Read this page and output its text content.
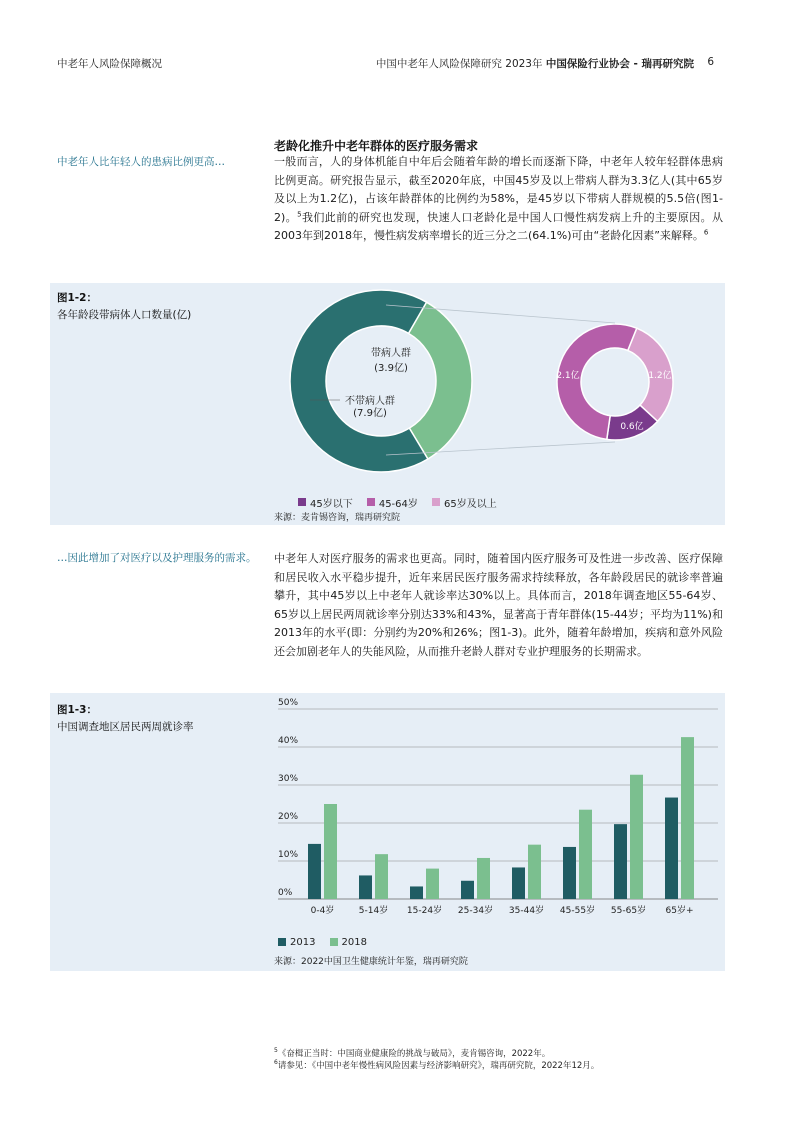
中老年人风险保障概况	中国中老年人风险保障研究 2023年 中国保险行业协会 - 瑞再研究院 6
中老年人比年轻人的患病比例更高…
老龄化推升中老年群体的医疗服务需求
一般而言，人的身体机能自中年后会随着年龄的增长而逐渐下降，中老年人较年轻群体患病比例更高。研究报告显示，截至2020年底，中国45岁及以上带病人群为3.3亿人(其中65岁及以上为1.2亿)，占该年龄群体的比例约为58%，是45岁以下带病人群规模的5.5倍(图1-2)。$^5$我们此前的研究也发现，快速人口老龄化是中国人口慢性病发病上升的主要原因。从2003年到2018年，慢性病发病率增长的近三分之二(64.1%)可由“老龄化因素”来解释。$^6$
图1-2：
各年龄段带病体人口数量(亿)
带病人群
(3.9亿)
不带病人群
(7.9亿)
2.1亿	1.2亿
0.6亿
45岁以下
	45-64岁
	65岁及以上
来源：麦肯锡咨询，瑞再研究院
…因此增加了对医疗以及护理服务的需求。 中老年人对医疗服务的需求也更高。同时，随着国内医疗服务可及性进一步改善、医疗保障和居民收入水平稳步提升，近年来居民医疗服务需求持续释放，各年龄段居民的就诊率普遍攀升，其中45岁以上中老年人就诊率达30%以上。具体而言，2018年调查地区55-64岁、65岁以上居民两周就诊率分别达33%和43%，显著高于青年群体(15-44岁；平均为11%)和2013年的水平(即：分别约为20%和26%；图1-3)。此外，随着年龄增加，疾病和意外风险还会加剧老年人的失能风险，从而推升老龄人群对专业护理服务的长期需求。
图1-3：
中国调查地区居民两周就诊率
0%
10%
20%
30%
40%
50%
0-4岁	5-14岁 15-24岁 25-34岁 35-44岁 45-55岁 55-65岁 65岁+
2013
	2018
来源：2022中国卫生健康统计年鉴，瑞再研究院
$^5$《奋楫正当时：中国商业健康险的挑战与破局》，麦肯锡咨询，2022年。
$^6$请参见：《中国中老年慢性病风险因素与经济影响研究》，瑞再研究院，2022年12月。
